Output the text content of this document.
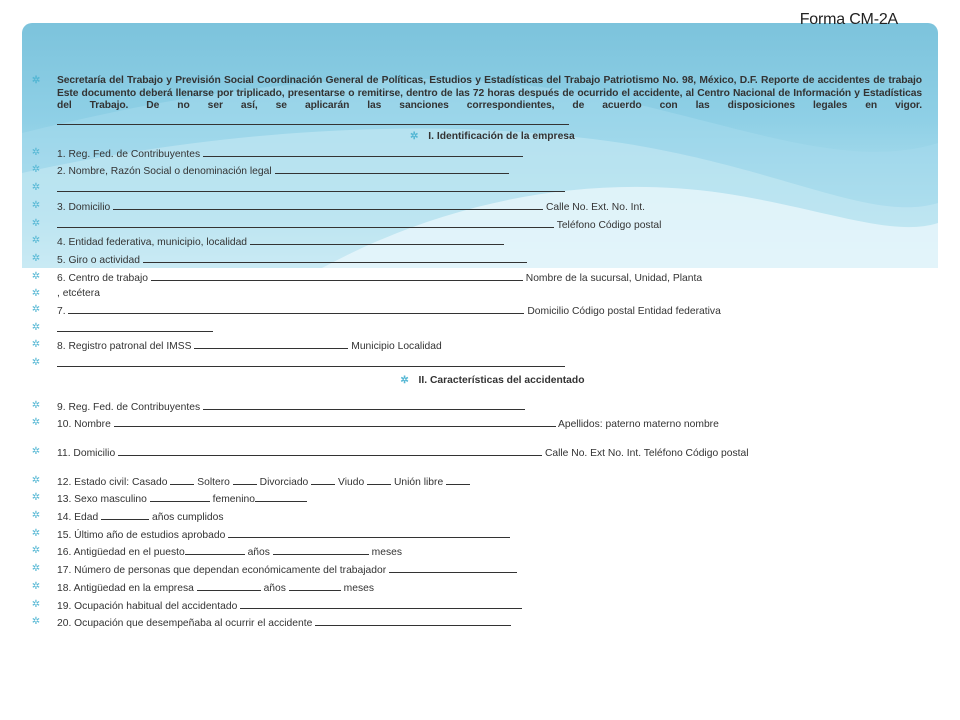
Forma CM-2A
✲ Secretaría del Trabajo y Previsión Social Coordinación General de Políticas, Estudios y Estadísticas del Trabajo Patriotismo No. 98, México, D.F. Reporte de accidentes de trabajo Este documento deberá llenarse por triplicado, presentarse o remitirse, dentro de las 72 horas después de ocurrido el accidente, al Centro Nacional de Información y Estadísticas del Trabajo. De no ser así, se aplicarán las sanciones correspondientes, de acuerdo con las disposiciones legales en vigor.
✲ I. Identificación de la empresa
✲ 1. Reg. Fed. de Contribuyentes
✲ 2. Nombre, Razón Social o denominación legal
✲
✲ 3. Domicilio	Calle No. Ext. No. Int.
✲	Teléfono Código postal
✲ 4. Entidad federativa, municipio, localidad
✲ 5. Giro o actividad
✲ 6. Centro de trabajo	Nombre de la sucursal, Unidad, Planta
✲ , etcétera
✲ 7.	Domicilio Código postal Entidad federativa
✲
✲ 8. Registro patronal del IMSS	Municipio Localidad
✲
✲ II. Características del accidentado
✲ 9. Reg. Fed. de Contribuyentes
✲ 10. Nombre	Apellidos: paterno materno nombre
✲ 11. Domicilio	Calle No. Ext No. Int. Teléfono Código postal
✲ 12. Estado civil: Casado	Soltero	Divorciado	Viudo	Unión libre
✲ 13. Sexo masculino	femenino
✲ 14. Edad	años cumplidos
✲ 15. Último año de estudios aprobado
✲ 16. Antigüedad en el puesto	años	meses
✲ 17. Número de personas que dependan económicamente del trabajador
✲ 18. Antigüedad en la empresa	años	meses
✲ 19. Ocupación habitual del accidentado
✲ 20. Ocupación que desempeñaba al ocurrir el accidente
